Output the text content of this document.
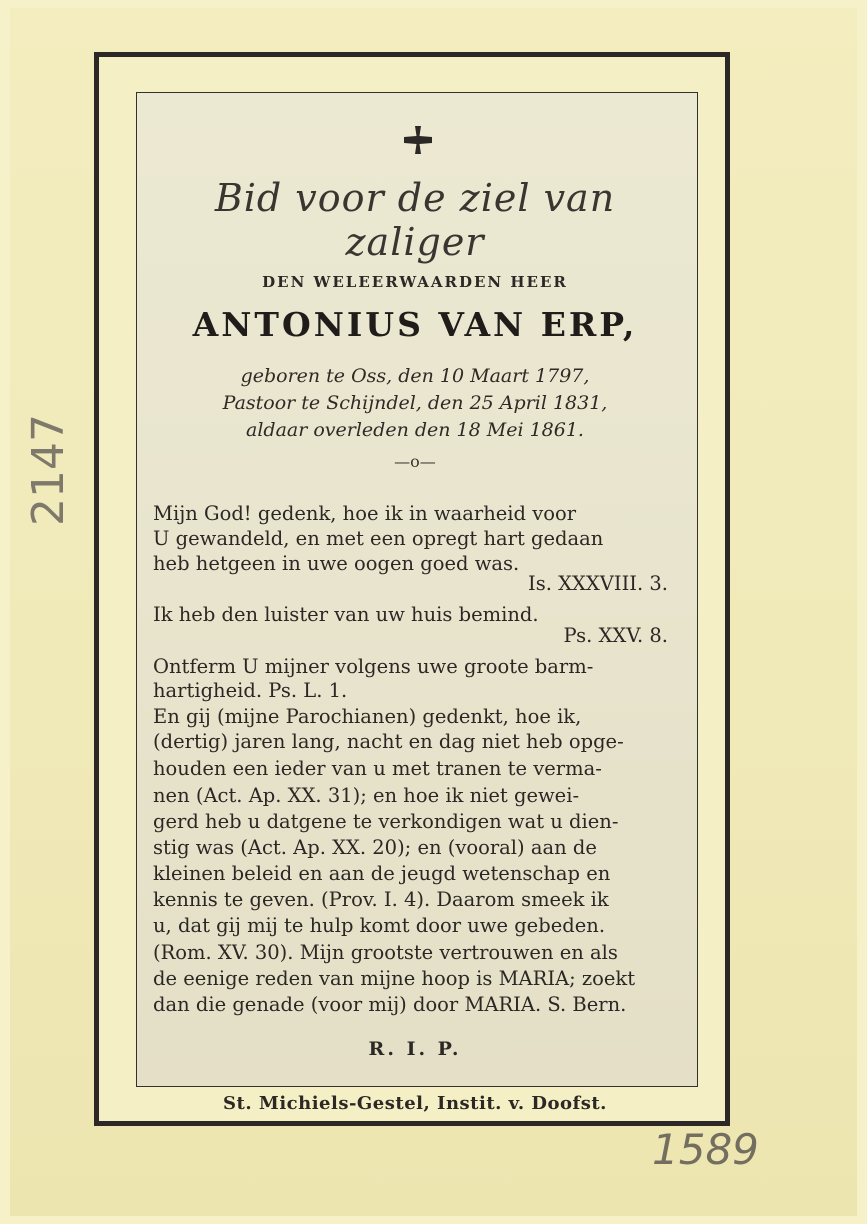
2147
Bid voor de ziel van zaliger
DEN WELEERWAARDEN HEER
ANTONIUS VAN ERP,
geboren te Oss, den 10 Maart 1797,
Pastoor te Schijndel, den 25 April 1831,
aldaar overleden den 18 Mei 1861.
—o—
Mijn God! gedenk, hoe ik in waarheid voor
U gewandeld, en met een opregt hart gedaan
heb hetgeen in uwe oogen goed was.
Is. XXXVIII. 3.
Ik heb den luister van uw huis bemind.
Ps. XXV. 8.
Ontferm U mijner volgens uwe groote barm-
hartigheid. Ps. L. 1.
En gij (mijne Parochianen) gedenkt, hoe ik,
(dertig) jaren lang, nacht en dag niet heb opge-
houden een ieder van u met tranen te verma-
nen (Act. Ap. XX. 31); en hoe ik niet gewei-
gerd heb u datgene te verkondigen wat u dien-
stig was (Act. Ap. XX. 20); en (vooral) aan de
kleinen beleid en aan de jeugd wetenschap en
kennis te geven. (Prov. I. 4). Daarom smeek ik
u, dat gij mij te hulp komt door uwe gebeden.
(Rom. XV. 30). Mijn grootste vertrouwen en als
de eenige reden van mijne hoop is MARIA; zoekt
dan die genade (voor mij) door MARIA. S. Bern.
R. I. P.
St. Michiels-Gestel, Instit. v. Doofst.
1589
